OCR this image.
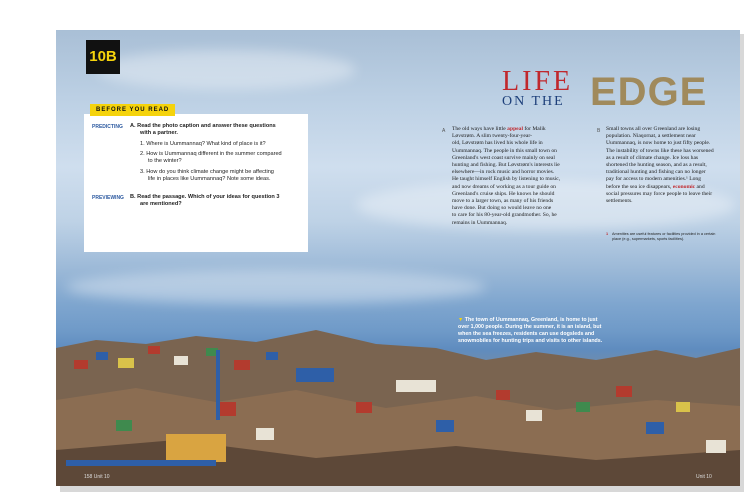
10B
BEFORE YOU READ
PREDICTING A. Read the photo caption and answer these questions
with a partner.
1. Where is Uummannaq? What kind of place is it?
2. How is Uummannaq different in the summer compared
to the winter?
3. How do you think climate change might be affecting
life in places like Uummannaq? Note some ideas.
PREVIEWING B. Read the passage. Which of your ideas for question 3
are mentioned?
LIFE
ON THE EDGE
A The old ways have little appeal for Malik
Løvstrøm. A slim twenty-four-year-
old, Løvstrøm has lived his whole life in
Uummannaq. The people in this small town on
Greenland's west coast survive mainly on seal
hunting and fishing. But Løvstrøm's interests lie
elsewhere—in rock music and horror movies.
He taught himself English by listening to music,
and now dreams of working as a tour guide on
Greenland's cruise ships. He knows he should
move to a larger town, as many of his friends
have done. But doing so would leave no one
to care for his 80-year-old grandmother. So, he
remains in Uummannaq.
B Small towns all over Greenland are losing
population. Niaqornat, a settlement near
Uummannaq, is now home to just fifty people.
The instability of towns like these has worsened
as a result of climate change. Ice loss has
shortened the hunting season, and as a result,
traditional hunting and fishing can no longer
pay for access to modern amenities.¹ Long
before the sea ice disappears, economic and
social pressures may force people to leave their
settlements.
1 Amenities are useful features or facilities provided in a certain
place (e.g., supermarkets, sports facilities).
▼ The town of Uummannaq, Greenland, is home to just
over 1,000 people. During the summer, it is an island, but
when the sea freezes, residents can use dogsleds and
snowmobiles for hunting trips and visits to other islands.
158 Unit 10	Unit 10
